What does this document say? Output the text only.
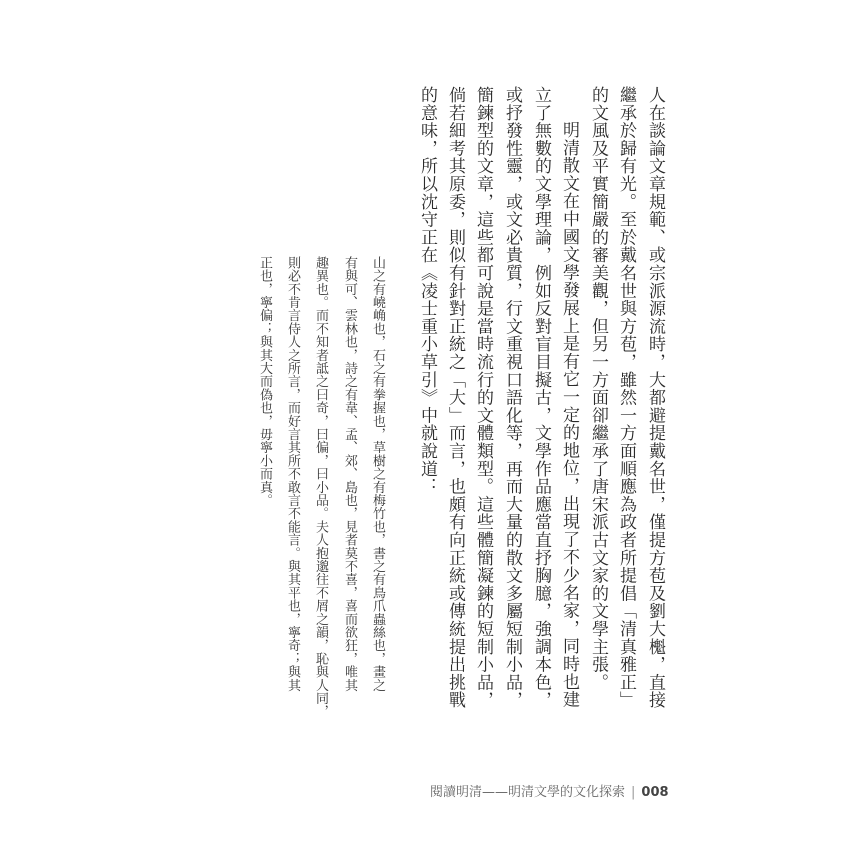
人在談論文章規範、或宗派源流時，大都避提戴名世，僅提方苞及劉大櫆，直接
繼承於歸有光。至於戴名世與方苞，雖然一方面順應為政者所提倡「清真雅正」
的文風及平實簡嚴的審美觀，但另一方面卻繼承了唐宋派古文家的文學主張。
明清散文在中國文學發展上是有它一定的地位，出現了不少名家，同時也建
立了無數的文學理論，例如反對盲目擬古，文學作品應當直抒胸臆，強調本色，
或抒發性靈，或文必貴質，行文重視口語化等，再而大量的散文多屬短制小品，
簡鍊型的文章，這些都可說是當時流行的文體類型。這些體簡凝鍊的短制小品，
倘若細考其原委，則似有針對正統之「大」而言，也頗有向正統或傳統提出挑戰
的意味，所以沈守正在《凌士重小草引》中就說道：
山之有嶢崅也，石之有拳握也，草樹之有梅竹也，書之有鳥爪蟲絲也，畫之
有與可、雲林也，詩之有韋、孟、郊、島也，見者莫不喜，喜而欲狂，唯其
趣異也。而不知者詆之曰奇，曰偏，曰小品。夫人抱邈往不屑之韻，恥與人同，
則必不肯言侍人之所言，而好言其所不敢言不能言。與其平也，寧奇；與其
正也，寧偏；與其大而偽也，毋寧小而真。
閱讀明清——明清文學的文化探索 | 008
